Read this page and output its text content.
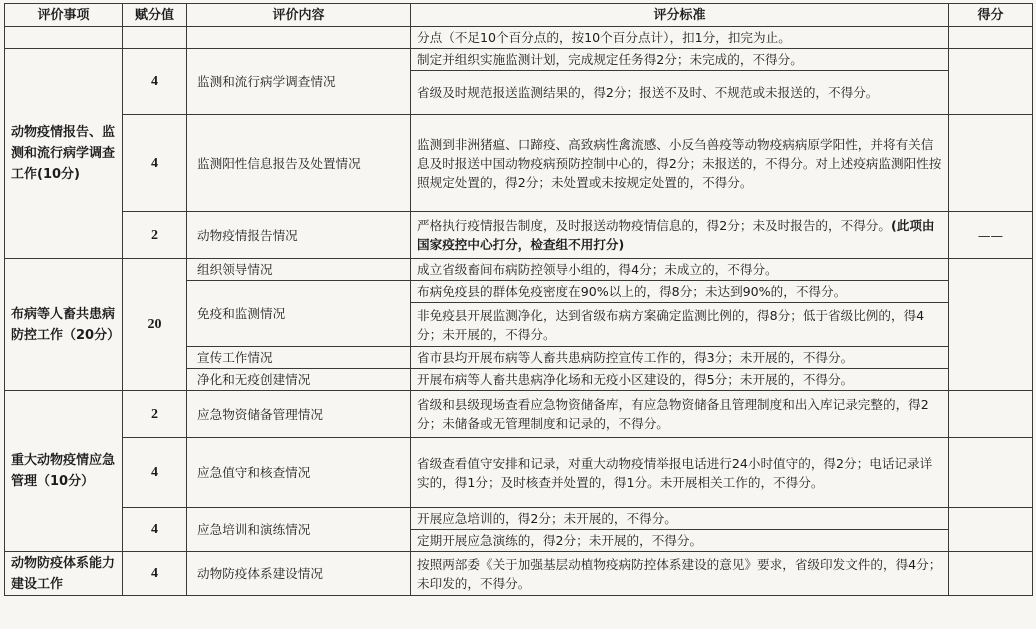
评价事项	赋分值	评价内容	评分标准	得分
			分点（不足10个百分点的，按10个百分点计），扣1分，扣完为止。	
动物疫情报告、监测和流行病学调查工作(10分)	4	监测和流行病学调查情况	制定并组织实施监测计划，完成规定任务得2分；未完成的，不得分。	
			省级及时规范报送监测结果的，得2分；报送不及时、不规范或未报送的，不得分。	
	4	监测阳性信息报告及处置情况	监测到非洲猪瘟、口蹄疫、高致病性禽流感、小反刍兽疫等动物疫病病原学阳性，并将有关信息及时报送中国动物疫病预防控制中心的，得2分；未报送的，不得分。对上述疫病监测阳性按照规定处置的，得2分；未处置或未按规定处置的，不得分。	
	2	动物疫情报告情况	严格执行疫情报告制度，及时报送动物疫情信息的，得2分；未及时报告的，不得分。(此项由国家疫控中心打分，检查组不用打分)	——
布病等人畜共患病防控工作（20分）	20	组织领导情况	成立省级畜间布病防控领导小组的，得4分；未成立的，不得分。	
		免疫和监测情况	布病免疫县的群体免疫密度在90%以上的，得8分；未达到90%的，不得分。	
			非免疫县开展监测净化，达到省级布病方案确定监测比例的，得8分；低于省级比例的，得4分；未开展的，不得分。	
		宣传工作情况	省市县均开展布病等人畜共患病防控宣传工作的，得3分；未开展的，不得分。	
		净化和无疫创建情况	开展布病等人畜共患病净化场和无疫小区建设的，得5分；未开展的，不得分。	
重大动物疫情应急管理（10分）	2	应急物资储备管理情况	省级和县级现场查看应急物资储备库，有应急物资储备且管理制度和出入库记录完整的，得2分；未储备或无管理制度和记录的，不得分。	
	4	应急值守和核查情况	省级查看值守安排和记录，对重大动物疫情举报电话进行24小时值守的，得2分；电话记录详实的，得1分；及时核查并处置的，得1分。未开展相关工作的，不得分。	
	4	应急培训和演练情况	开展应急培训的，得2分；未开展的，不得分。	
			定期开展应急演练的，得2分；未开展的，不得分。	
动物防疫体系能力建设工作	4	动物防疫体系建设情况	按照两部委《关于加强基层动植物疫病防控体系建设的意见》要求，省级印发文件的，得4分；未印发的，不得分。	
